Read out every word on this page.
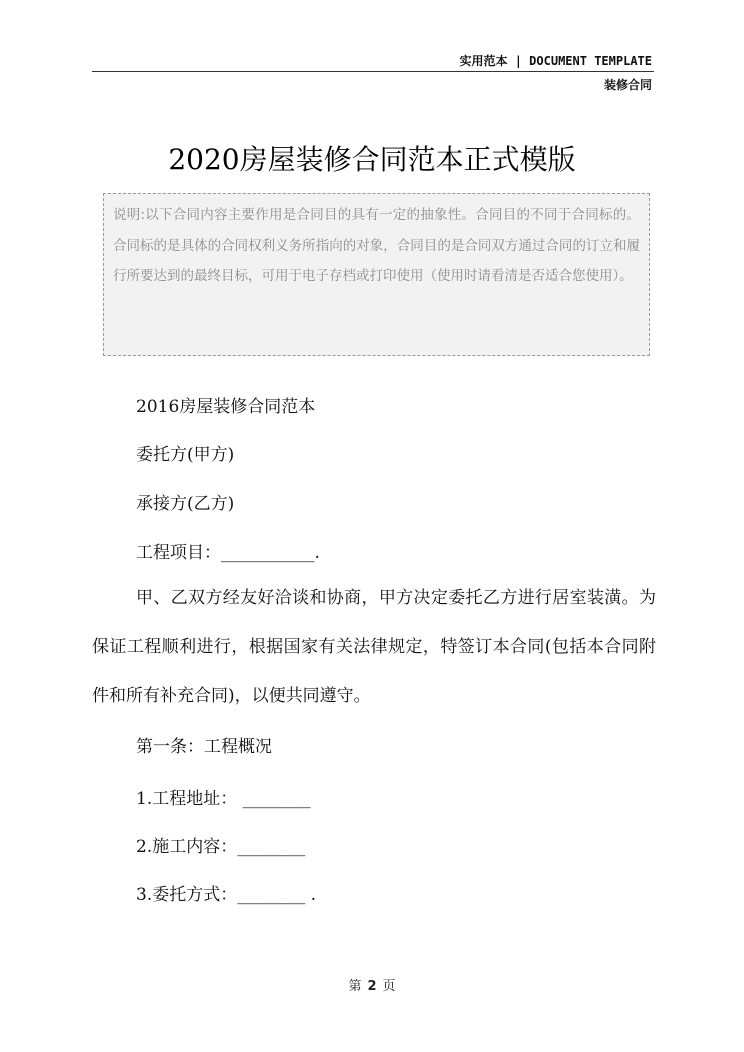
实用范本 | DOCUMENT TEMPLATE
装修合同
2020房屋装修合同范本正式模版
说明:以下合同内容主要作用是合同目的具有一定的抽象性。合同目的不同于合同标的。合同标的是具体的合同权利义务所指向的对象，合同目的是合同双方通过合同的订立和履行所要达到的最终目标，可用于电子存档或打印使用（使用时请看清是否适合您使用）。
2016房屋装修合同范本
委托方(甲方)
承接方(乙方)
工程项目：___________.
甲、乙双方经友好洽谈和协商，甲方决定委托乙方进行居室装潢。为保证工程顺利进行，根据国家有关法律规定，特签订本合同(包括本合同附件和所有补充合同)，以便共同遵守。
第一条：工程概况
1.工程地址： ________
2.施工内容：________
3.委托方式：________ .
第 2 页
